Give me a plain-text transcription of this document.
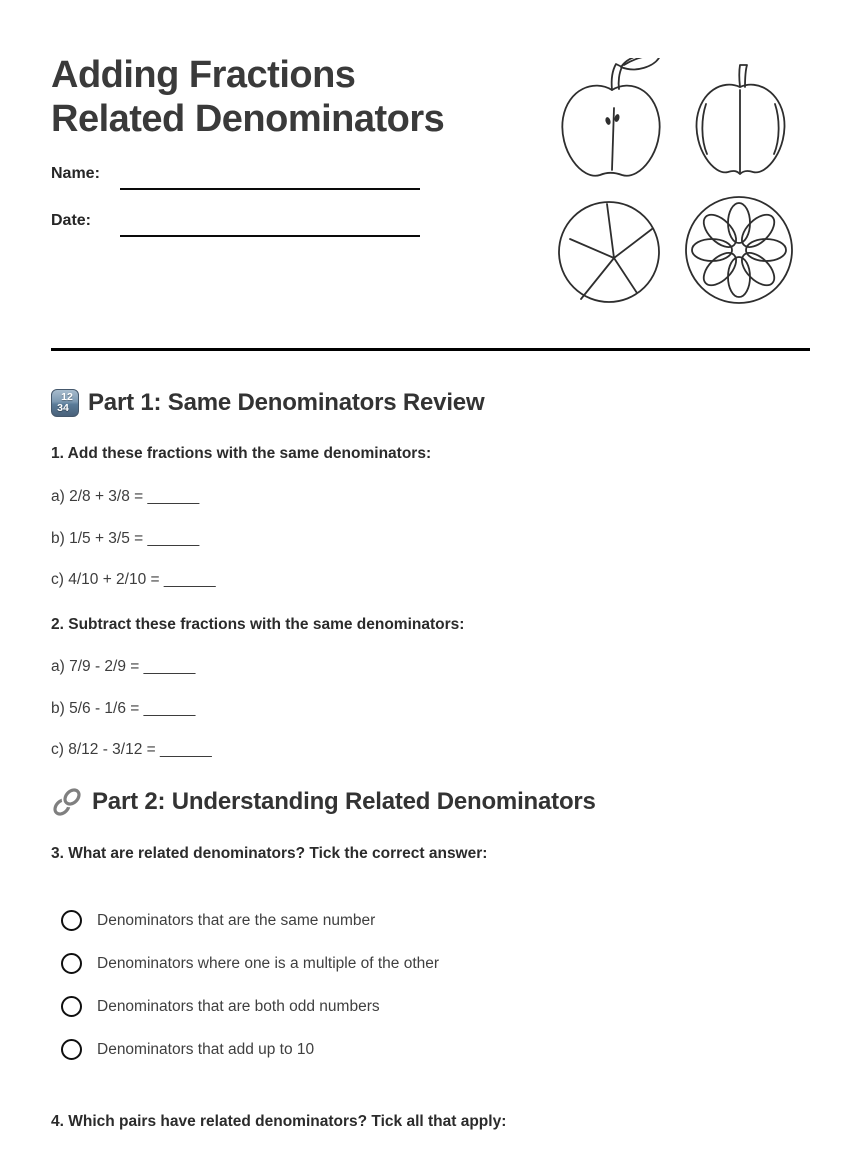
Adding Fractions
Related Denominators
Name:
Date:
12
34 Part 1: Same Denominators Review
1. Add these fractions with the same denominators:
a) 2/8 + 3/8 = ______
b) 1/5 + 3/5 = ______
c) 4/10 + 2/10 = ______
2. Subtract these fractions with the same denominators:
a) 7/9 - 2/9 = ______
b) 5/6 - 1/6 = ______
c) 8/12 - 3/12 = ______
Part 2: Understanding Related Denominators
3. What are related denominators? Tick the correct answer:
Denominators that are the same number
Denominators where one is a multiple of the other
Denominators that are both odd numbers
Denominators that add up to 10
4. Which pairs have related denominators? Tick all that apply:
